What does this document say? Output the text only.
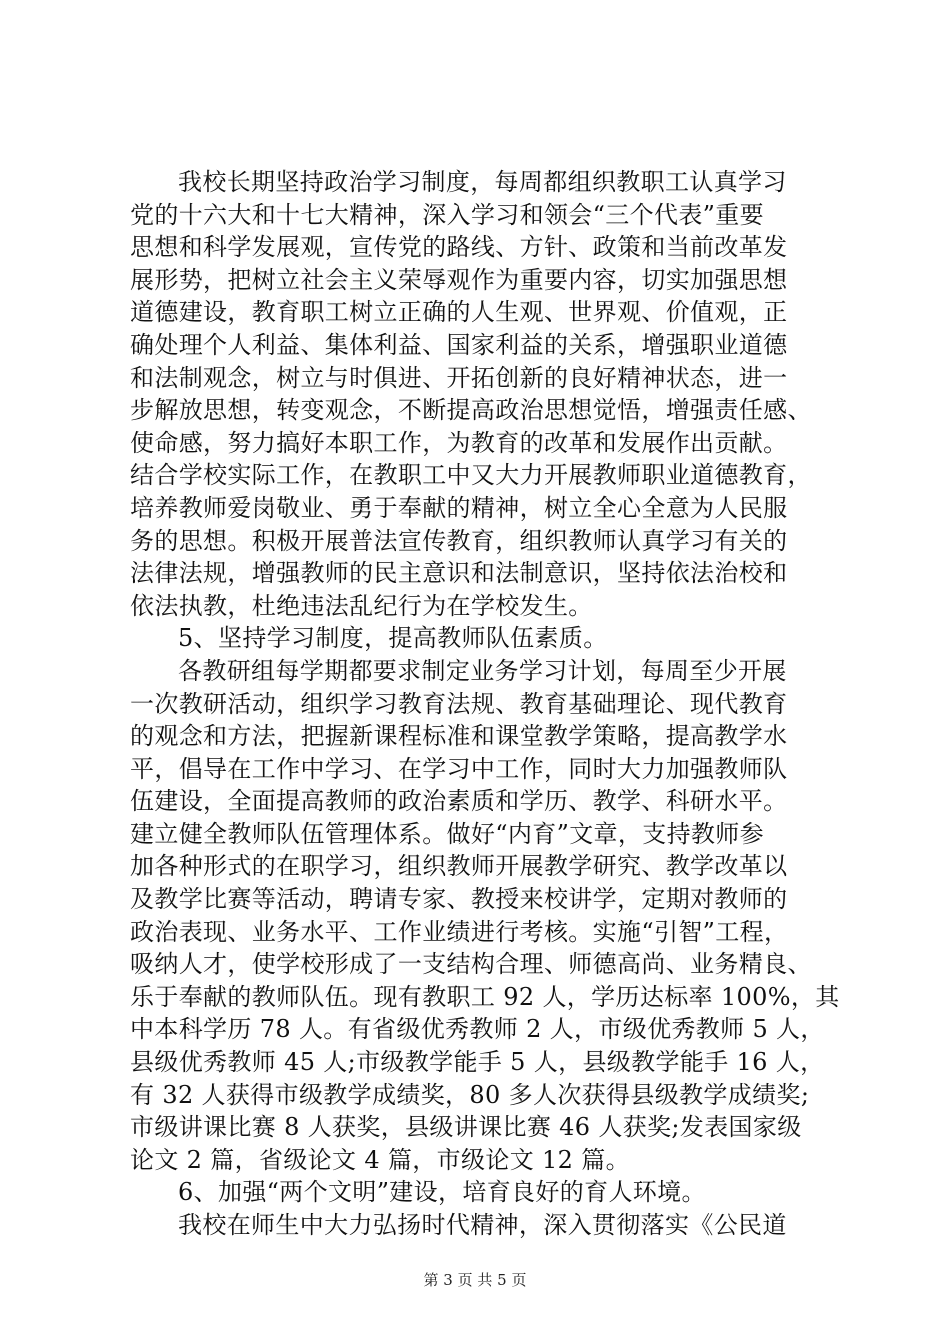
我校长期坚持政治学习制度，每周都组织教职工认真学习
党的十六大和十七大精神，深入学习和领会“三个代表”重要
思想和科学发展观，宣传党的路线、方针、政策和当前改革发
展形势，把树立社会主义荣辱观作为重要内容，切实加强思想
道德建设，教育职工树立正确的人生观、世界观、价值观，正
确处理个人利益、集体利益、国家利益的关系，增强职业道德
和法制观念，树立与时俱进、开拓创新的良好精神状态，进一
步解放思想，转变观念，不断提高政治思想觉悟，增强责任感、
使命感，努力搞好本职工作，为教育的改革和发展作出贡献。
结合学校实际工作，在教职工中又大力开展教师职业道德教育，
培养教师爱岗敬业、勇于奉献的精神，树立全心全意为人民服
务的思想。积极开展普法宣传教育，组织教师认真学习有关的
法律法规，增强教师的民主意识和法制意识，坚持依法治校和
依法执教，杜绝违法乱纪行为在学校发生。
5、坚持学习制度，提高教师队伍素质。
各教研组每学期都要求制定业务学习计划，每周至少开展
一次教研活动，组织学习教育法规、教育基础理论、现代教育
的观念和方法，把握新课程标准和课堂教学策略，提高教学水
平，倡导在工作中学习、在学习中工作，同时大力加强教师队
伍建设，全面提高教师的政治素质和学历、教学、科研水平。
建立健全教师队伍管理体系。做好“内育”文章，支持教师参
加各种形式的在职学习，组织教师开展教学研究、教学改革以
及教学比赛等活动，聘请专家、教授来校讲学，定期对教师的
政治表现、业务水平、工作业绩进行考核。实施“引智”工程，
吸纳人才，使学校形成了一支结构合理、师德高尚、业务精良、
乐于奉献的教师队伍。现有教职工 92 人，学历达标率 100%，其
中本科学历 78 人。有省级优秀教师 2 人，市级优秀教师 5 人，
县级优秀教师 45 人;市级教学能手 5 人，县级教学能手 16 人，
有 32 人获得市级教学成绩奖，80 多人次获得县级教学成绩奖;
市级讲课比赛 8 人获奖，县级讲课比赛 46 人获奖;发表国家级
论文 2 篇，省级论文 4 篇，市级论文 12 篇。
6、加强“两个文明”建设，培育良好的育人环境。
我校在师生中大力弘扬时代精神，深入贯彻落实《公民道
第 3 页 共 5 页
